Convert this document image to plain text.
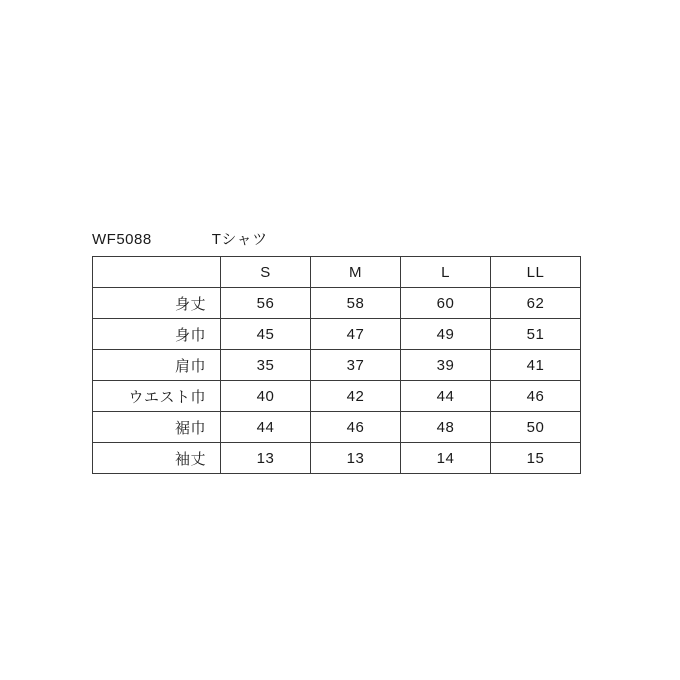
WF5088	Tシャツ
	S	M	L	LL
身丈	56	58	60	62
身巾	45	47	49	51
肩巾	35	37	39	41
ウエスト巾	40	42	44	46
裾巾	44	46	48	50
袖丈	13	13	14	15
